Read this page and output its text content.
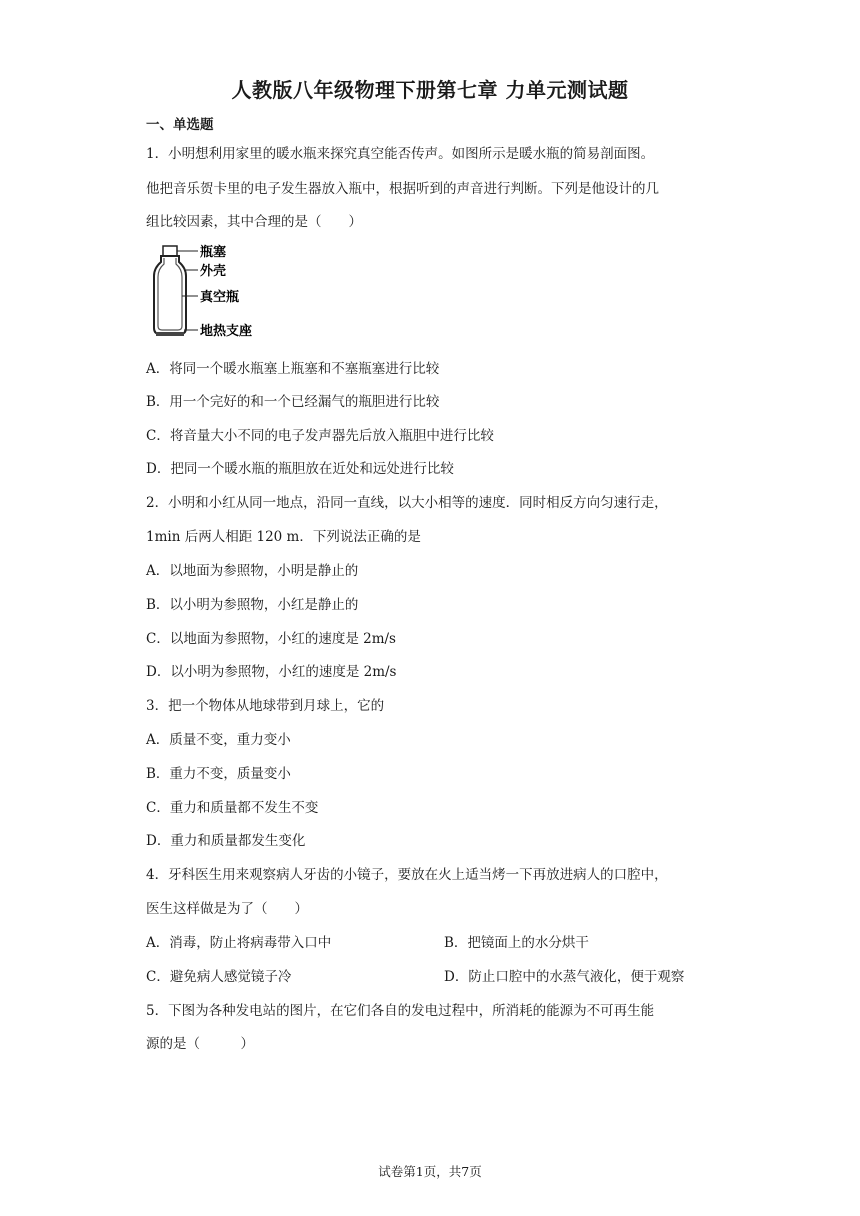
人教版八年级物理下册第七章 力单元测试题
一、单选题
1．小明想利用家里的暖水瓶来探究真空能否传声。如图所示是暖水瓶的简易剖面图。
他把音乐贺卡里的电子发生器放入瓶中，根据听到的声音进行判断。下列是他设计的几
组比较因素，其中合理的是（　　）
瓶塞
外壳
真空瓶
地热支座
A．将同一个暖水瓶塞上瓶塞和不塞瓶塞进行比较
B．用一个完好的和一个已经漏气的瓶胆进行比较
C．将音量大小不同的电子发声器先后放入瓶胆中进行比较
D．把同一个暖水瓶的瓶胆放在近处和远处进行比较
2．小明和小红从同一地点，沿同一直线，以大小相等的速度．同时相反方向匀速行走，
1min 后两人相距 120 m．下列说法正确的是
A．以地面为参照物，小明是静止的
B．以小明为参照物，小红是静止的
C．以地面为参照物，小红的速度是 2m/s
D．以小明为参照物，小红的速度是 2m/s
3．把一个物体从地球带到月球上，它的
A．质量不变，重力变小
B．重力不变，质量变小
C．重力和质量都不发生不变
D．重力和质量都发生变化
4．牙科医生用来观察病人牙齿的小镜子，要放在火上适当烤一下再放进病人的口腔中，
医生这样做是为了（　　）
A．消毒，防止将病毒带入口中	B．把镜面上的水分烘干
C．避免病人感觉镜子冷	D．防止口腔中的水蒸气液化，便于观察
5．下图为各种发电站的图片，在它们各自的发电过程中，所消耗的能源为不可再生能
源的是（　　　）
试卷第1页，共7页
